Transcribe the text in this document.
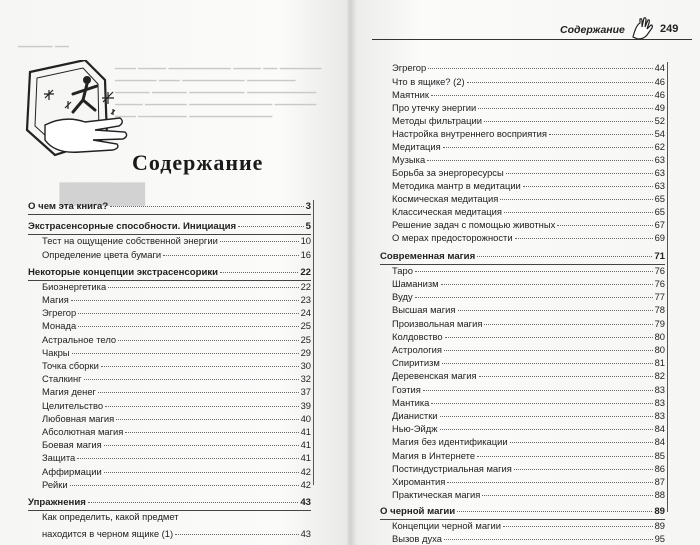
▁▁▁ ▁▁▁▁ ▁▁▁▁▁▁▁▁▁ ▁▁▁▁ ▁▁ ▁▁▁▁▁▁ ▁▁▁▁▁▁ ▁▁▁ ▁▁▁▁▁▁▁▁▁ ▁▁▁▁▁▁▁ ▁▁▁▁▁ ▁▁▁▁▁ ▁▁▁▁▁▁▁▁ ▁▁▁▁▁▁▁▁▁▁ ▁▁▁▁ ▁▁▁▁▁▁ ▁▁▁▁▁▁▁▁▁▁▁▁ ▁▁▁▁▁▁ ▁▁▁ ▁▁▁▁▁▁▁ ▁▁▁▁▁▁▁▁▁▁▁▁
▇▇▇▇▇
▁▁▁▁▁ ▁▁
Содержание
О чем эта книга?	3
Экстрасенсорные способности. Инициация	5
Тест на ощущение собственной энергии	10
Определение цвета бумаги	16
Некоторые концепции экстрасенсорики	22
Биоэнергетика	22
Магия	23
Эгрегор	24
Монада	25
Астральное тело	25
Чакры	29
Точка сборки	30
Сталкинг	32
Магия денег	37
Целительство	39
Любовная магия	40
Абсолютная магия	41
Боевая магия	41
Защита	41
Аффирмации	42
Рейки	42
Упражнения	43
Как определить, какой предмет
находится в черном ящике (1)	43
Содержание	249
Эгрегор	44
Что в ящике? (2)	46
Маятник	46
Про утечку энергии	49
Методы фильтрации	52
Настройка внутреннего восприятия	54
Медитация	62
Музыка	63
Борьба за энергоресурсы	63
Методика мантр в медитации	63
Космическая медитация	65
Классическая медитация	65
Решение задач с помощью животных	67
О мерах предосторожности	69
Современная магия	71
Таро	76
Шаманизм	76
Вуду	77
Высшая магия	78
Произвольная магия	79
Колдовство	80
Астрология	80
Спиритизм	81
Деревенская магия	82
Гоэтия	83
Мантика	83
Дианистки	83
Нью-Эйдж	84
Магия без идентификации	84
Магия в Интернете	85
Постиндустриальная магия	86
Хиромантия	87
Практическая магия	88
О черной магии	89
Концепции черной магии	89
Вызов духа	95
